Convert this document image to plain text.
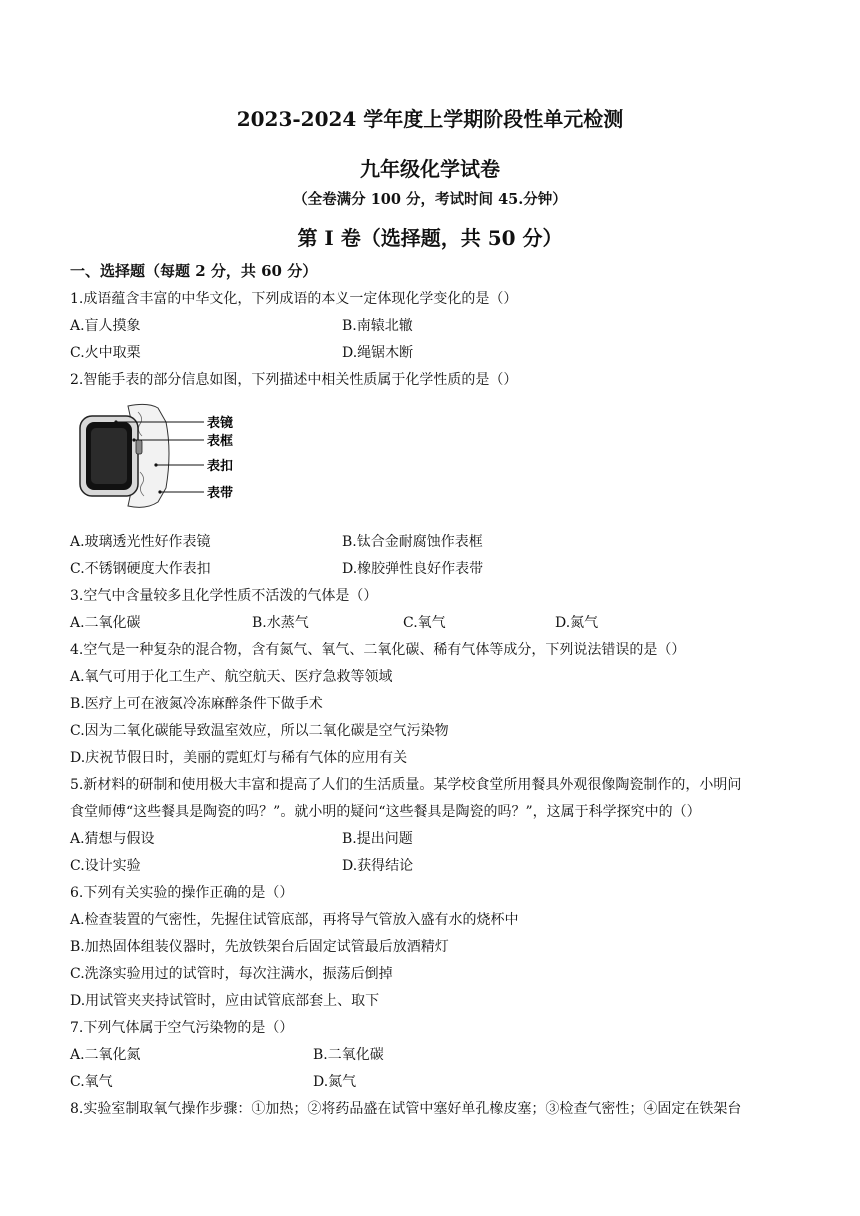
2023-2024 学年度上学期阶段性单元检测
九年级化学试卷
（全卷满分 100 分，考试时间 45.分钟）
第 I 卷（选择题，共 50 分）
一、选择题（每题 2 分，共 60 分）
1.成语蕴含丰富的中华文化，下列成语的本义一定体现化学变化的是（）
A.盲人摸象	B.南辕北辙
C.火中取栗	D.绳锯木断
2.智能手表的部分信息如图，下列描述中相关性质属于化学性质的是（）
表镜
表框
表扣
表带
A.玻璃透光性好作表镜	B.钛合金耐腐蚀作表框
C.不锈钢硬度大作表扣	D.橡胶弹性良好作表带
3.空气中含量较多且化学性质不活泼的气体是（）
A.二氧化碳	B.水蒸气	C.氧气	D.氮气
4.空气是一种复杂的混合物，含有氮气、氧气、二氧化碳、稀有气体等成分，下列说法错误的是（）
A.氧气可用于化工生产、航空航天、医疗急救等领域
B.医疗上可在液氮冷冻麻醉条件下做手术
C.因为二氧化碳能导致温室效应，所以二氧化碳是空气污染物
D.庆祝节假日时，美丽的霓虹灯与稀有气体的应用有关
5.新材料的研制和使用极大丰富和提高了人们的生活质量。某学校食堂所用餐具外观很像陶瓷制作的，小明问
食堂师傅“这些餐具是陶瓷的吗？”。就小明的疑问“这些餐具是陶瓷的吗？”，这属于科学探究中的（）
A.猜想与假设	B.提出问题
C.设计实验	D.获得结论
6.下列有关实验的操作正确的是（）
A.检查装置的气密性，先握住试管底部，再将导气管放入盛有水的烧杯中
B.加热固体组装仪器时，先放铁架台后固定试管最后放酒精灯
C.洗涤实验用过的试管时，每次注满水，振荡后倒掉
D.用试管夹夹持试管时，应由试管底部套上、取下
7.下列气体属于空气污染物的是（）
A.二氧化氮	B.二氧化碳
C.氧气	D.氮气
8.实验室制取氧气操作步骤：①加热；②将药品盛在试管中塞好单孔橡皮塞；③检查气密性；④固定在铁架台
